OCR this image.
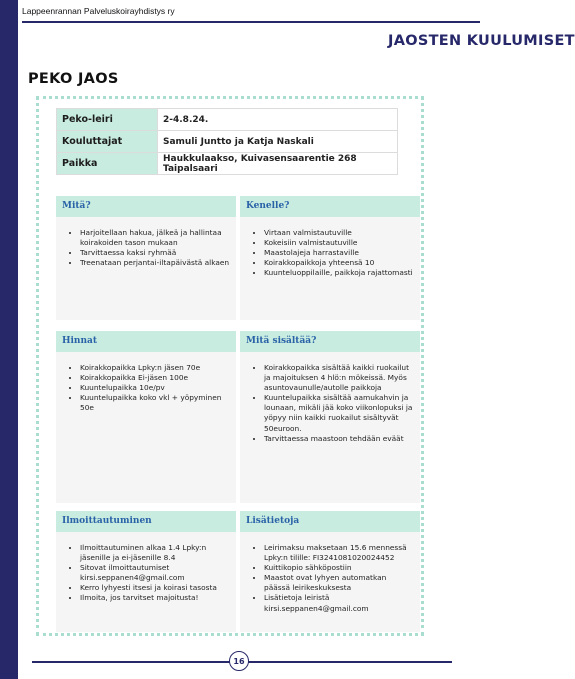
Lappeenrannan Palveluskoirayhdistys ry
JAOSTEN KUULUMISET
PEKO JAOS
Peko-leiri	2-4.8.24.
Kouluttajat	Samuli Juntto ja Katja Naskali
Paikka	Haukkulaakso, Kuivasensaarentie 268 Taipalsaari
Mitä?
• Harjoitellaan hakua, jälkeä ja hallintaa koirakoiden tason mukaan
• Tarvittaessa kaksi ryhmää
• Treenataan perjantai-iltapäivästä alkaen
Kenelle?
• Virtaan valmistautuville
• Kokeisiin valmistautuville
• Maastolajeja harrastaville
• Koirakkopaikkoja yhteensä 10
• Kuunteluoppilaille, paikkoja rajattomasti
Hinnat
• Koirakkopaikka Lpky:n jäsen 70e
• Koirakkopaikka Ei-jäsen 100e
• Kuuntelupaikka 10e/pv
• Kuuntelupaikka koko vkl + yöpyminen 50e
Mitä sisältää?
• Koirakkopaikka sisältää kaikki ruokailut ja majoituksen 4 hlö:n mökeissä. Myös asuntovaunulle/autolle paikkoja
• Kuuntelupaikka sisältää aamukahvin ja lounaan, mikäli jää koko viikonlopuksi ja yöpyy niin kaikki ruokailut sisältyvät 50euroon.
• Tarvittaessa maastoon tehdään eväät
Ilmoittautuminen
• Ilmoittautuminen alkaa 1.4 Lpky:n jäsenille ja ei-jäsenille 8.4
• Sitovat ilmoittautumiset kirsi.seppanen4@gmail.com
• Kerro lyhyesti itsesi ja koirasi tasosta
• Ilmoita, jos tarvitset majoitusta!
Lisätietoja
• Leirimaksu maksetaan 15.6 mennessä Lpky:n tilille: FI3241081020024452
• Kuittikopio sähköpostiin
• Maastot ovat lyhyen automatkan päässä leirikeskuksesta
• Lisätietoja leiristä kirsi.seppanen4@gmail.com
16
